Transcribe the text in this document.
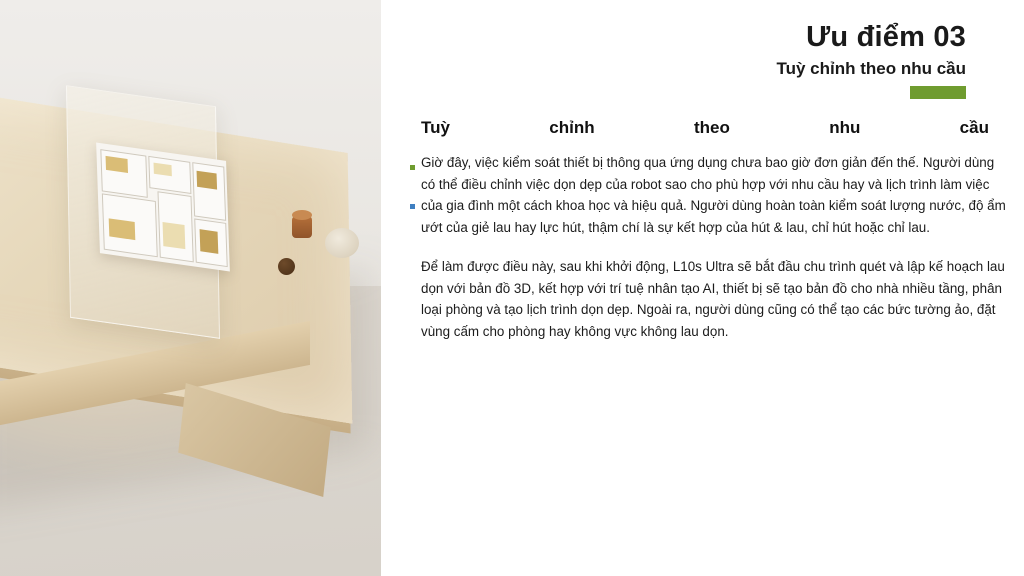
Ưu điểm 03
Tuỳ chỉnh theo nhu cầu
Tuỳ	chỉnh	theo	nhu	cầu

Giờ đây, việc kiểm soát thiết bị thông qua ứng dụng chưa bao giờ đơn giản đến thế. Người dùng có thể điều chỉnh việc dọn dẹp của robot sao cho phù hợp với nhu cầu hay và lịch trình làm việc của gia đình một cách khoa học và hiệu quả. Người dùng hoàn toàn kiểm soát lượng nước, độ ẩm ướt của giẻ lau hay lực hút, thậm chí là sự kết hợp của hút & lau, chỉ hút hoặc chỉ lau.

Để làm được điều này, sau khi khởi động, L10s Ultra sẽ bắt đầu chu trình quét và lập kế hoạch lau dọn với bản đồ 3D, kết hợp với trí tuệ nhân tạo AI, thiết bị sẽ tạo bản đồ cho nhà nhiều tầng, phân loại phòng và tạo lịch trình dọn dẹp. Ngoài ra, người dùng cũng có thể tạo các bức tường ảo, đặt vùng cấm cho phòng hay không vực không lau dọn.
